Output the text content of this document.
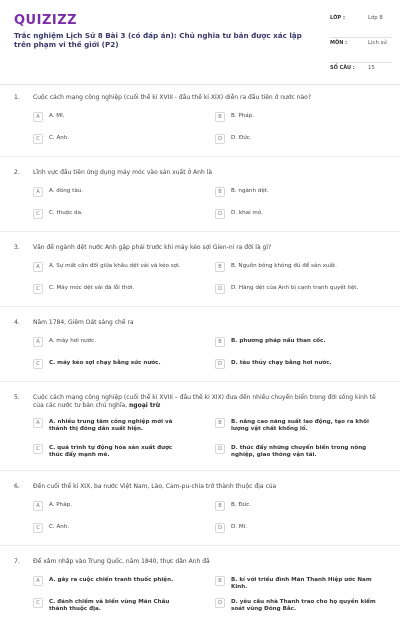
QUIZIZZ
Trắc nghiệm Lịch Sử 8 Bài 3 (có đáp án): Chủ nghĩa tư bản được xác lập trên phạm vi thế giới (P2)
LỚP :	Lớp 8
MÔN :	Lịch sử
SỐ CÂU : 15
1. Cuộc cách mạng công nghiệp (cuối thế kỉ XVIII - đầu thế kỉ XIX) diễn ra đầu tiên ở nước nào?
A	A. Mĩ.	B	B. Pháp.
C	C. Anh.	D	D. Đức.
2. Lĩnh vực đầu tiên ứng dụng máy móc vào sản xuất ở Anh là
A	A. đóng tàu.	B	B. ngành dệt.
C	C. thuộc da.	D	D. khai mỏ.
3. Vấn đề ngành dệt nước Anh gặp phải trước khi máy kéo sợi Gien-ni ra đời là gì?
A	A. Sự mất cân đối giữa khâu dệt vải và kéo sợi.	B	B. Nguồn bông không đủ để sản xuất.
C	C. Máy móc dệt vải đã lỗi thời.	D	D. Hàng dệt của Anh bị cạnh tranh quyết liệt.
4. Năm 1784, Giêm Oát sáng chế ra
A	A. máy hơi nước.	B	B. phương pháp nấu than cốc.
C	C. máy kéo sợi chạy bằng sức nước.	D	D. tàu thủy chạy bằng hơi nước.
5. Cuộc cách mạng công nghiệp (cuối thế kỉ XVIII – đầu thế kỉ XIX) đưa đến nhiều chuyển biến trong đời sống kinh tế của các nước tư bản chủ nghĩa, ngoại trừ
A	A. nhiều trung tâm công nghiệp mới và thành thị đông dân xuất hiện.
B	B. nâng cao năng suất lao động, tạo ra khối lượng vật chất khổng lồ.
C	C. quá trình tự động hóa sản xuất được thúc đẩy mạnh mẽ.
D	D. thúc đẩy những chuyển biến trong nông nghiệp, giao thông vận tải.
6. Đến cuối thế kỉ XIX, ba nước Việt Nam, Lào, Cam-pu-chia trở thành thuộc địa của
A	A. Pháp.	B	B. Đức.
C	C. Anh.	D	D. Mĩ.
7. Để xâm nhập vào Trung Quốc, năm 1840, thực dân Anh đã
A	A. gây ra cuộc chiến tranh thuốc phiện.	B	B. kí với triều đình Mãn Thanh Hiệp ước Nam Kinh.
C	C. đánh chiếm và biến vùng Mãn Châu thành thuộc địa.
D	D. yêu cầu nhà Thanh trao cho họ quyền kiểm soát vùng Đông Bắc.
